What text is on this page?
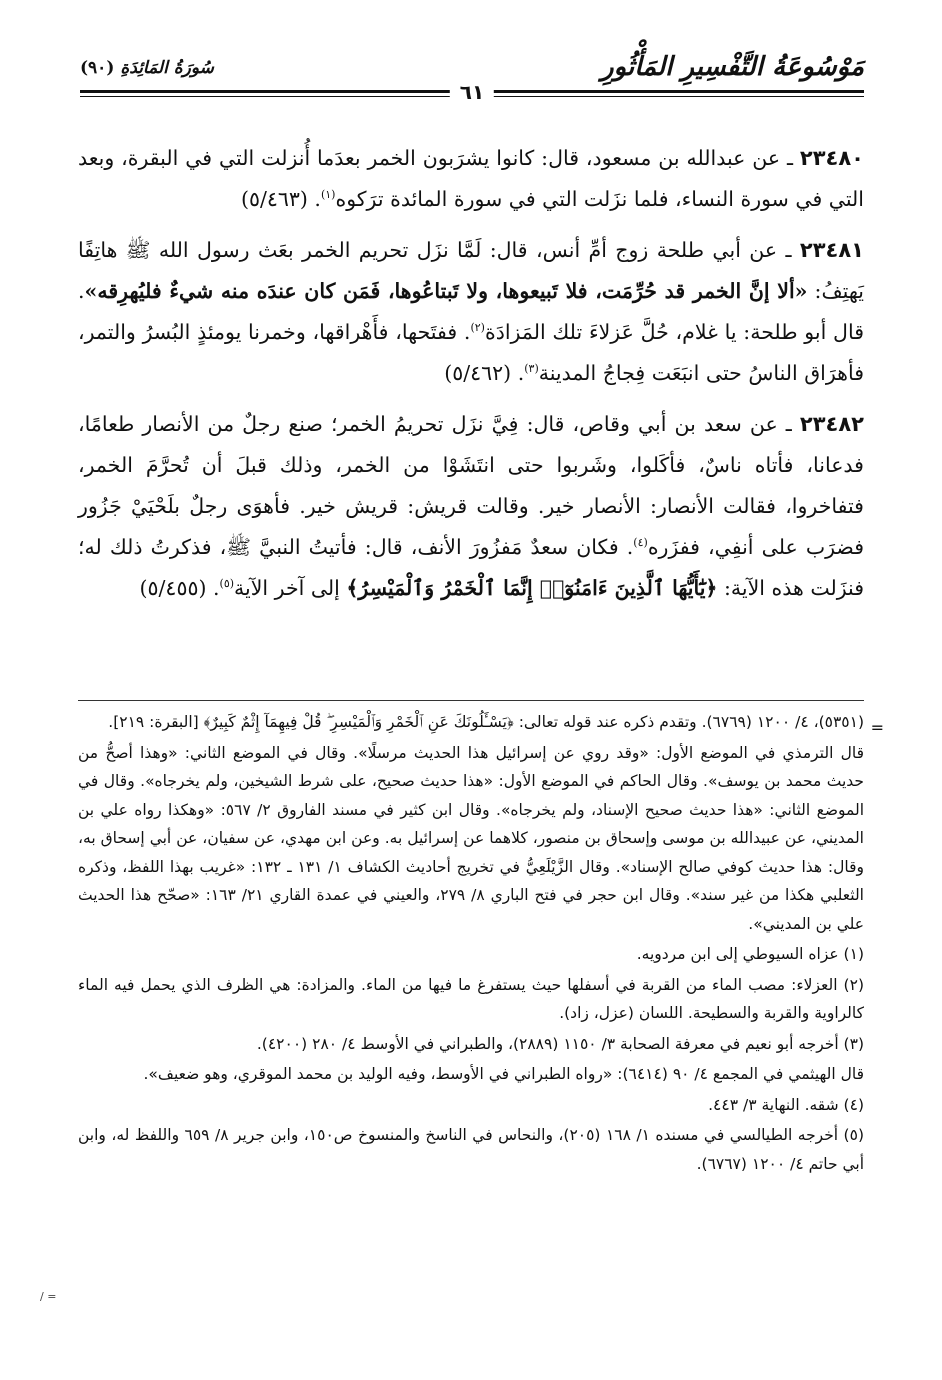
مَوْسُوعَةُ التَّفْسِيرِ المَأْثُورِ
٦١
سُورَةُ المَائِدَةِ(٩٠)

٢٣٤٨٠ ـ عن عبدالله بن مسعود، قال: كانوا يشرَبون الخمر بعدَما أُنزلت التي في البقرة، وبعد التي في سورة النساء، فلما نزَلت التي في سورة المائدة ترَكوه$^{(١)}$. (٥/٤٦٣)

٢٣٤٨١ ـ عن أبي طلحة زوج أمِّ أنس، قال: لَمَّا نزَل تحريم الخمر بعَث رسول الله ﷺ هاتِفًا يَهتِفُ: «ألا إنَّ الخمر قد حُرِّمَت، فلا تَبيعوها، ولا تَبتاعُوها، فَمَن كان عندَه منه شيءٌ فليُهرِقه». قال أبو طلحة: يا غلام، حُلَّ عَزلاءَ تلك المَزادَة$^{(٢)}$. ففتَحها، فأَهْراقها، وخمرنا يومئذٍ البُسرُ والتمر، فأهرَاق الناسُ حتى انبَعَت فِجاجُ المدينة$^{(٣)}$. (٥/٤٦٢)

٢٣٤٨٢ ـ عن سعد بن أبي وقاص، قال: فِيَّ نزَل تحريمُ الخمر؛ صنع رجلٌ من الأنصار طعامًا، فدعانا، فأتاه ناسٌ، فأكَلوا، وشَربوا حتى انتَشَوْا من الخمر، وذلك قبلَ أن تُحرَّمَ الخمر، فتفاخروا، فقالت الأنصار: الأنصار خير. وقالت قريش: قريش خير. فأهوَى رجلٌ بلَحْيَيْ جَزُور فضرَب على أنفِي، ففزَره$^{(٤)}$. فكان سعدٌ مَفزُورَ الأنف، قال: فأتيتُ النبيَّ ﷺ، فذكرتُ ذلك له؛ فنزَلت هذه الآية: ﴿يَٰٓأَيُّهَا ٱلَّذِينَ ءَامَنُوٓا۟ إِنَّمَا ٱلْخَمْرُ وَٱلْمَيْسِرُ﴾ إلى آخر الآية$^{(٥)}$. (٥/٤٥٥)

=

(٥٣٥١)، ٤/ ١٢٠٠ (٦٧٦٩). وتقدم ذكره عند قوله تعالى: ﴿يَسْـَٔلُونَكَ عَنِ ٱلْخَمْرِ وَٱلْمَيْسِرِ ۖ قُلْ فِيهِمَآ إِثْمٌ كَبِيرٌ﴾ [البقرة: ٢١٩].

قال الترمذي في الموضع الأول: «وقد روي عن إسرائيل هذا الحديث مرسلًا». وقال في الموضع الثاني: «وهذا أصحُّ من حديث محمد بن يوسف». وقال الحاكم في الموضع الأول: «هذا حديث صحيح، على شرط الشيخين، ولم يخرجاه». وقال في الموضع الثاني: «هذا حديث صحيح الإسناد، ولم يخرجاه». وقال ابن كثير في مسند الفاروق ٢/ ٥٦٧: «وهكذا رواه علي بن المديني، عن عبيدالله بن موسى وإسحاق بن منصور، كلاهما عن إسرائيل به. وعن ابن مهدي، عن سفيان، عن أبي إسحاق به، وقال: هذا حديث كوفي صالح الإسناد». وقال الزَّيْلَعِيُّ في تخريج أحاديث الكشاف ١/ ١٣١ ـ ١٣٢: «غريب بهذا اللفظ، وذكره الثعلبي هكذا من غير سند». وقال ابن حجر في فتح الباري ٨/ ٢٧٩، والعيني في عمدة القاري ٢١/ ١٦٣: «صحّح هذا الحديث علي بن المديني».

(١) عزاه السيوطي إلى ابن مردويه.

(٢) العزلاء: مصب الماء من القربة في أسفلها حيث يستفرغ ما فيها من الماء. والمزادة: هي الظرف الذي يحمل فيه الماء كالراوية والقربة والسطيحة. اللسان (عزل، زاد).

(٣) أخرجه أبو نعيم في معرفة الصحابة ٣/ ١١٥٠ (٢٨٨٩)، والطبراني في الأوسط ٤/ ٢٨٠ (٤٢٠٠).

قال الهيثمي في المجمع ٤/ ٩٠ (٦٤١٤): «رواه الطبراني في الأوسط، وفيه الوليد بن محمد الموقري، وهو ضعيف».

(٤) شقه. النهاية ٣/ ٤٤٣.

(٥) أخرجه الطيالسي في مسنده ١/ ١٦٨ (٢٠٥)، والنحاس في الناسخ والمنسوخ ص١٥٠، وابن جرير ٨/ ٦٥٩ واللفظ له، وابن أبي حاتم ٤/ ١٢٠٠ (٦٧٦٧).

∕ =
